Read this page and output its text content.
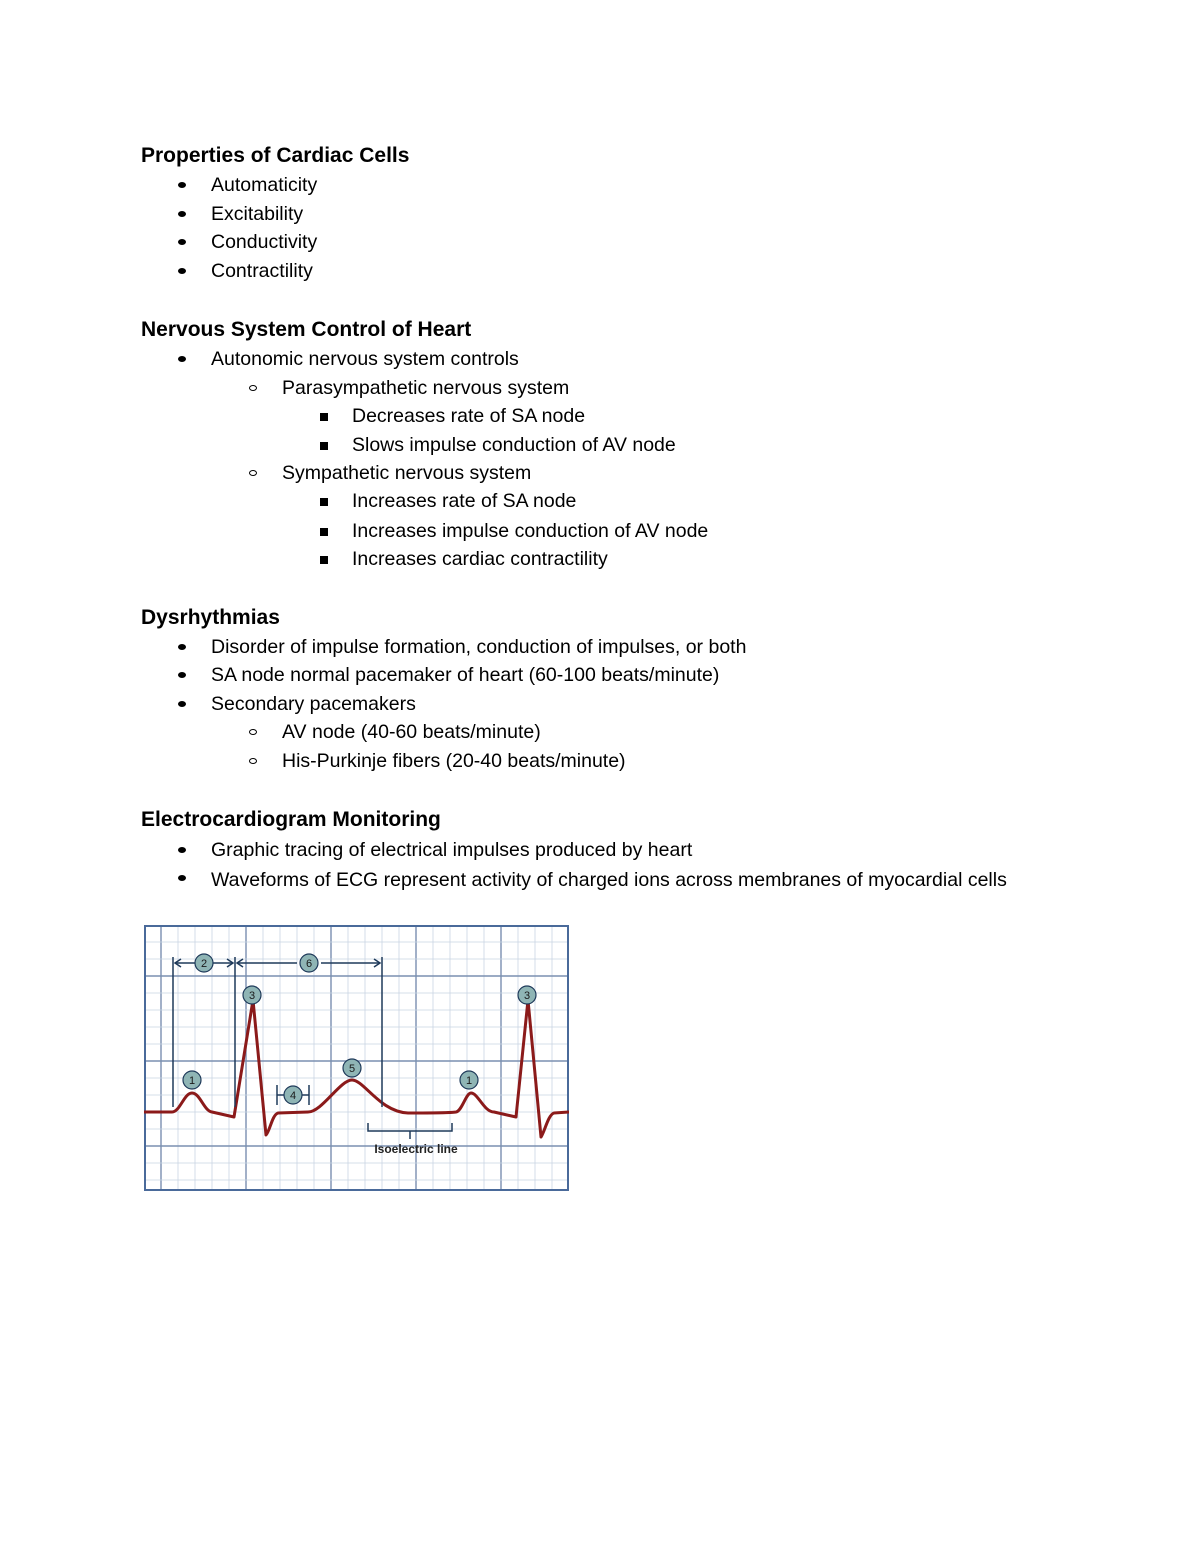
Properties of Cardiac Cells
Automaticity
Excitability
Conductivity
Contractility
Nervous System Control of Heart
Autonomic nervous system controls
Parasympathetic nervous system
Decreases rate of SA node
Slows impulse conduction of AV node
Sympathetic nervous system
Increases rate of SA node
Increases impulse conduction of AV node
Increases cardiac contractility
Dysrhythmias
Disorder of impulse formation, conduction of impulses, or both
SA node normal pacemaker of heart (60-100 beats/minute)
Secondary pacemakers
AV node (40-60 beats/minute)
His-Purkinje fibers (20-40 beats/minute)
Electrocardiogram Monitoring
Graphic tracing of electrical impulses produced by heart
Waveforms of ECG represent activity of charged ions across membranes of myocardial cells
1
2
3	3
4
5
1
6
Isoelectric line
